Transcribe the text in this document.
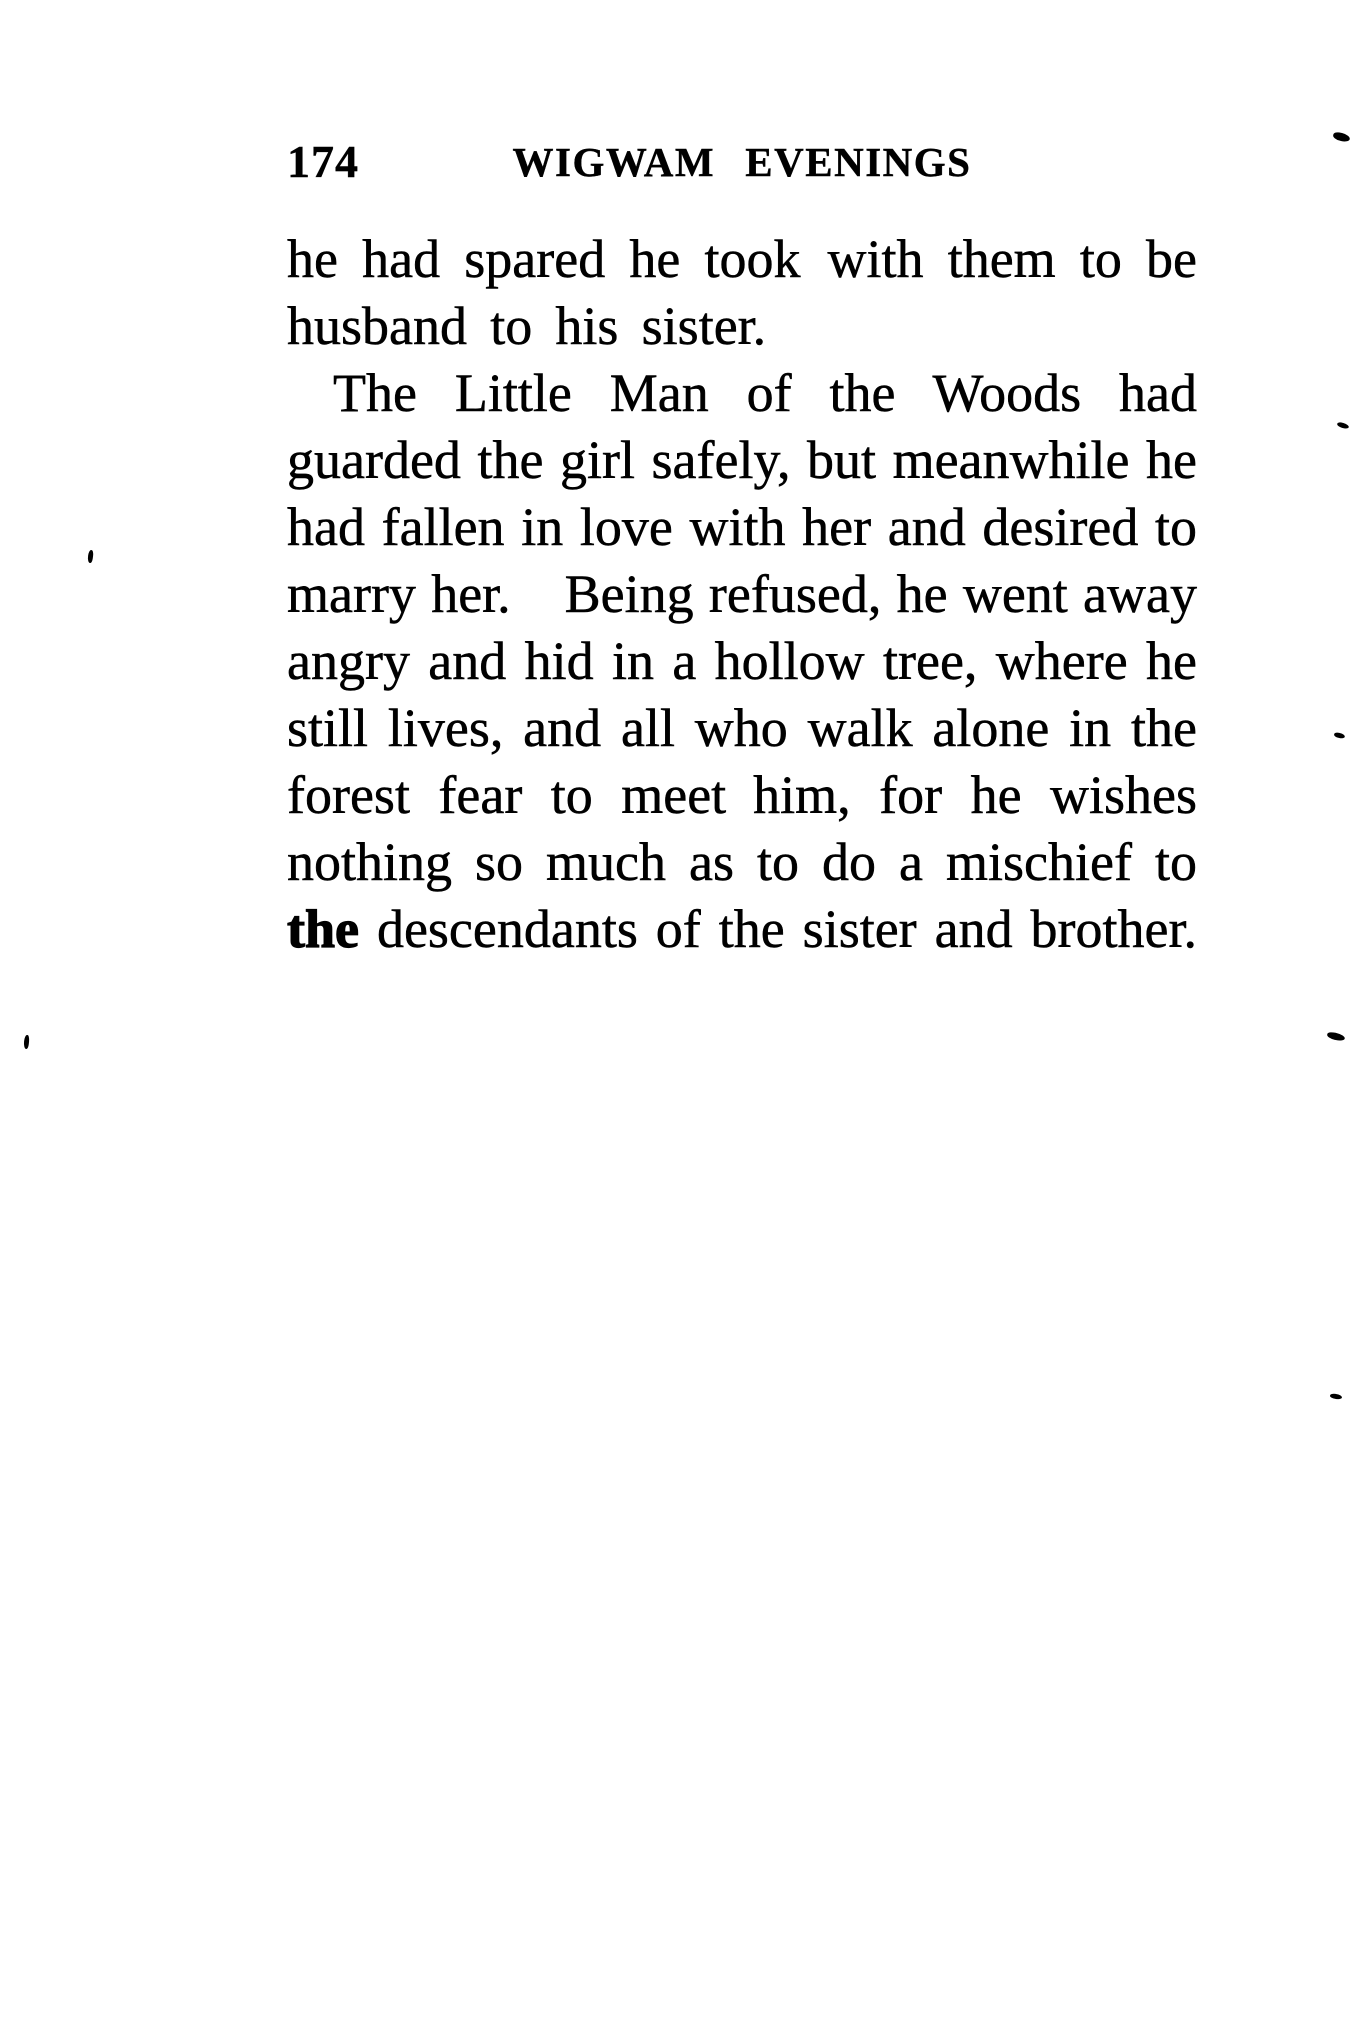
174	WIGWAM EVENINGS
he had spared he took with them to be
husband to his sister.
The Little Man of the Woods had
guarded the girl safely, but meanwhile he
had fallen in love with her and desired to
marry her. Being refused, he went away
angry and hid in a hollow tree, where he
still lives, and all who walk alone in the
forest fear to meet him, for he wishes
nothing so much as to do a mischief to
the descendants of the sister and brother.
